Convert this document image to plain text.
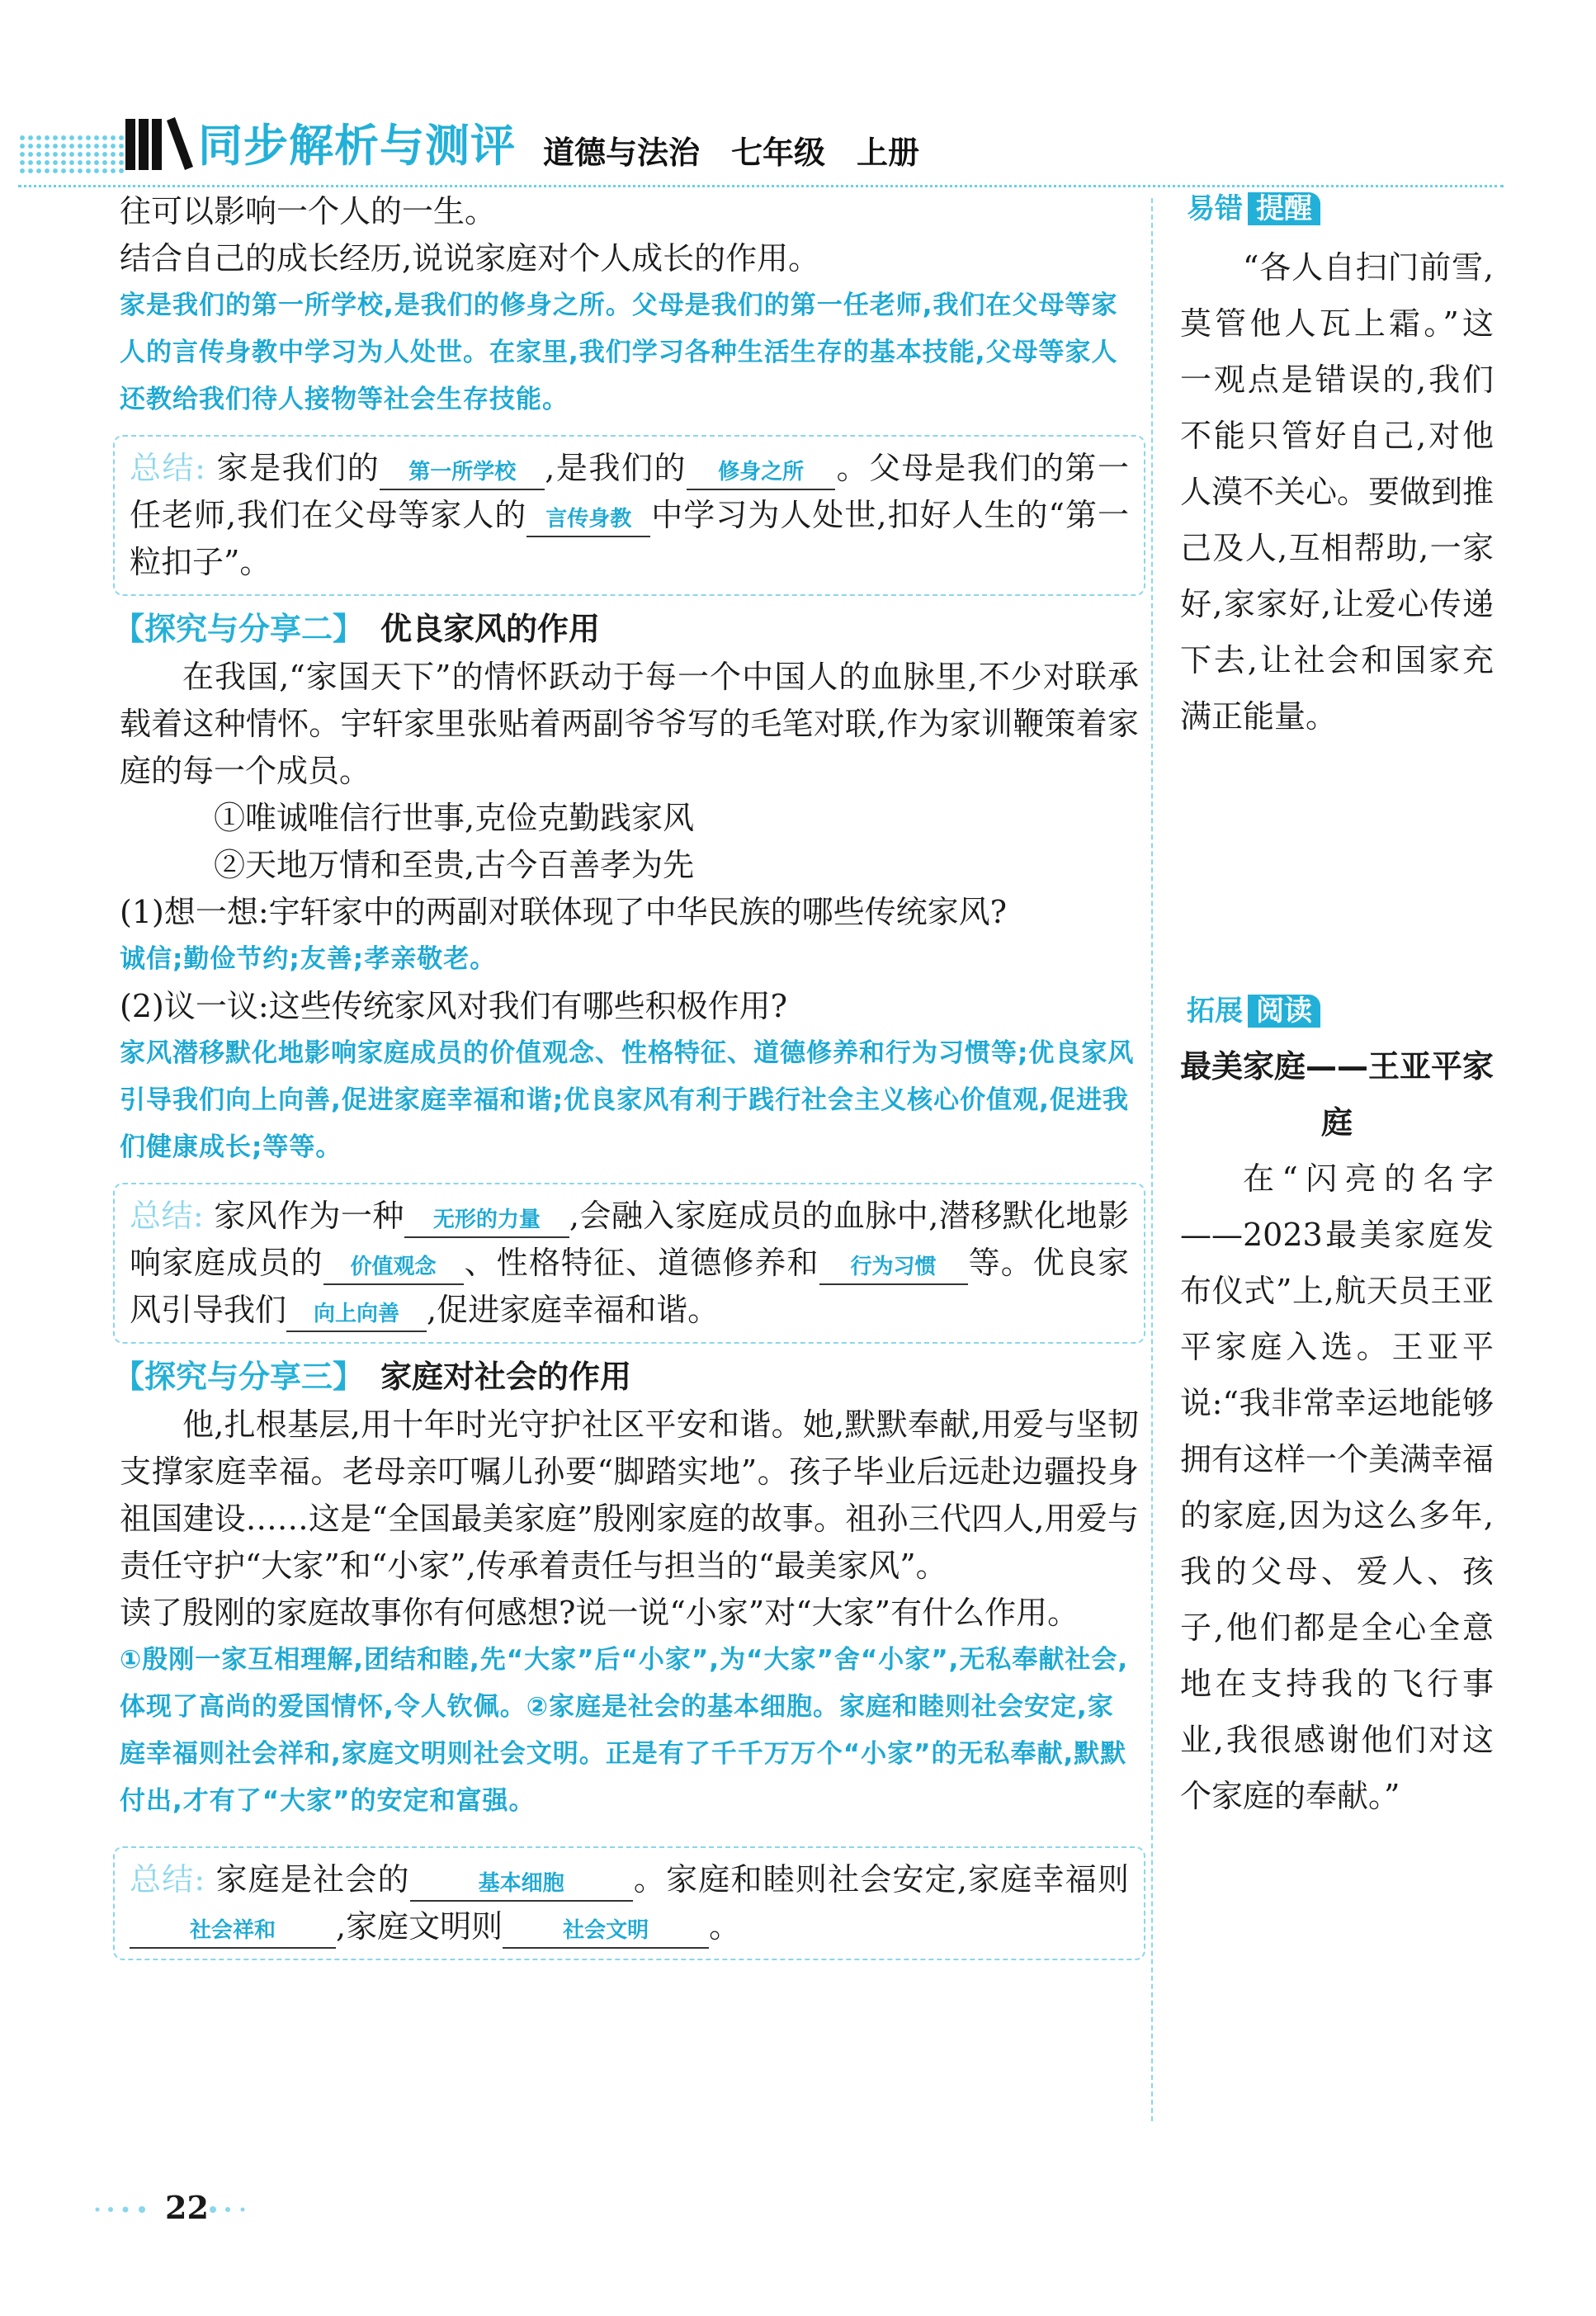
同步解析与测评 道德与法治　七年级　上册

往可以影响一个人的一生。

结合自己的成长经历,说说家庭对个人成长的作用。

家是我们的第一所学校,是我们的修身之所。父母是我们的第一任老师,我们在父母等家人的言传身教中学习为人处世。在家里,我们学习各种生活生存的基本技能,父母等家人还教给我们待人接物等社会生存技能。

总结: 家是我们的 第一所学校 ,是我们的 修身之所 。父母是我们的第一任老师,我们在父母等家人的 言传身教 中学习为人处世,扣好人生的“第一粒扣子”。

【探究与分享二】 优良家风的作用

在我国,“家国天下”的情怀跃动于每一个中国人的血脉里,不少对联承载着这种情怀。宇轩家里张贴着两副爷爷写的毛笔对联,作为家训鞭策着家庭的每一个成员。

①唯诚唯信行世事,克俭克勤践家风

②天地万情和至贵,古今百善孝为先

(1)想一想:宇轩家中的两副对联体现了中华民族的哪些传统家风?

诚信;勤俭节约;友善;孝亲敬老。

(2)议一议:这些传统家风对我们有哪些积极作用?

家风潜移默化地影响家庭成员的价值观念、性格特征、道德修养和行为习惯等;优良家风引导我们向上向善,促进家庭幸福和谐;优良家风有利于践行社会主义核心价值观,促进我们健康成长;等等。

总结: 家风作为一种 无形的力量 ,会融入家庭成员的血脉中,潜移默化地影响家庭成员的 价值观念 、性格特征、道德修养和 行为习惯 等。优良家风引导我们 向上向善 ,促进家庭幸福和谐。

【探究与分享三】 家庭对社会的作用

他,扎根基层,用十年时光守护社区平安和谐。她,默默奉献,用爱与坚韧支撑家庭幸福。老母亲叮嘱儿孙要“脚踏实地”。孩子毕业后远赴边疆投身祖国建设……这是“全国最美家庭”殷刚家庭的故事。祖孙三代四人,用爱与责任守护“大家”和“小家”,传承着责任与担当的“最美家风”。

读了殷刚的家庭故事你有何感想?说一说“小家”对“大家”有什么作用。

①殷刚一家互相理解,团结和睦,先“大家”后“小家”,为“大家”舍“小家”,无私奉献社会,体现了高尚的爱国情怀,令人钦佩。②家庭是社会的基本细胞。家庭和睦则社会安定,家庭幸福则社会祥和,家庭文明则社会文明。正是有了千千万万个“小家”的无私奉献,默默付出,才有了“大家”的安定和富强。

总结: 家庭是社会的	基本细胞 。家庭和睦则社会安定,家庭幸福则社会祥和 ,家庭文明则	社会文明 。

易错 提醒

“各人自扫门前雪,莫管他人瓦上霜。”这一观点是错误的,我们不能只管好自己,对他人漠不关心。要做到推己及人,互相帮助,一家好,家家好,让爱心传递下去,让社会和国家充满正能量。

拓展 阅读

最美家庭——王亚平家庭

在“闪亮的名字——2023最美家庭发布仪式”上,航天员王亚平家庭入选。王亚平说:“我非常幸运地能够拥有这样一个美满幸福的家庭,因为这么多年,我的父母、爱人、孩子,他们都是全心全意地在支持我的飞行事业,我很感谢他们对这个家庭的奉献。”

22
